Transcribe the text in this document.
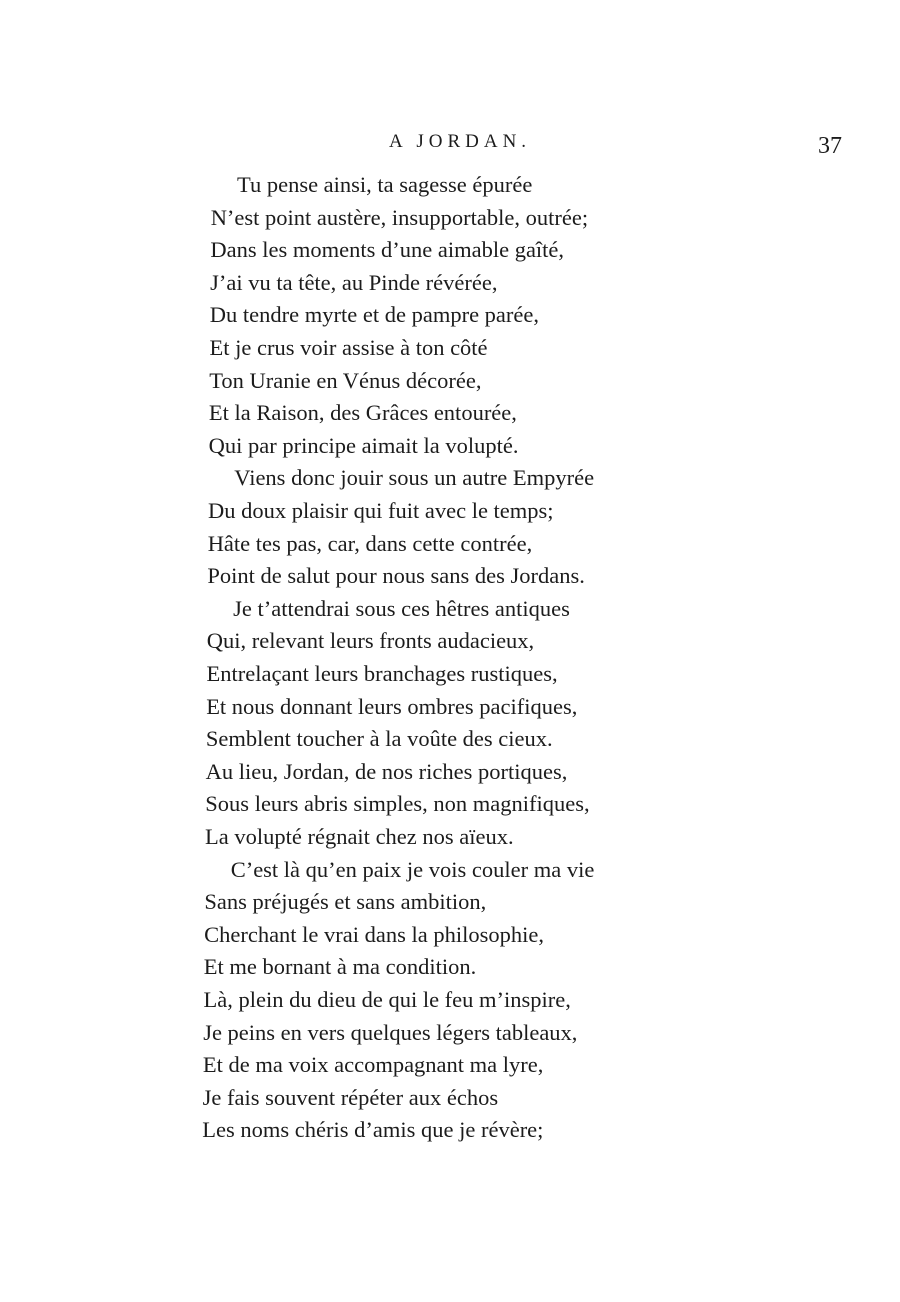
A JORDAN.	37
Tu pense ainsi, ta sagesse épurée
N’est point austère, insupportable, outrée;
Dans les moments d’une aimable gaîté,
J’ai vu ta tête, au Pinde révérée,
Du tendre myrte et de pampre parée,
Et je crus voir assise à ton côté
Ton Uranie en Vénus décorée,
Et la Raison, des Grâces entourée,
Qui par principe aimait la volupté.
Viens donc jouir sous un autre Empyrée
Du doux plaisir qui fuit avec le temps;
Hâte tes pas, car, dans cette contrée,
Point de salut pour nous sans des Jordans.
Je t’attendrai sous ces hêtres antiques
Qui, relevant leurs fronts audacieux,
Entrelaçant leurs branchages rustiques,
Et nous donnant leurs ombres pacifiques,
Semblent toucher à la voûte des cieux.
Au lieu, Jordan, de nos riches portiques,
Sous leurs abris simples, non magnifiques,
La volupté régnait chez nos aïeux.
C’est là qu’en paix je vois couler ma vie
Sans préjugés et sans ambition,
Cherchant le vrai dans la philosophie,
Et me bornant à ma condition.
Là, plein du dieu de qui le feu m’inspire,
Je peins en vers quelques légers tableaux,
Et de ma voix accompagnant ma lyre,
Je fais souvent répéter aux échos
Les noms chéris d’amis que je révère;
